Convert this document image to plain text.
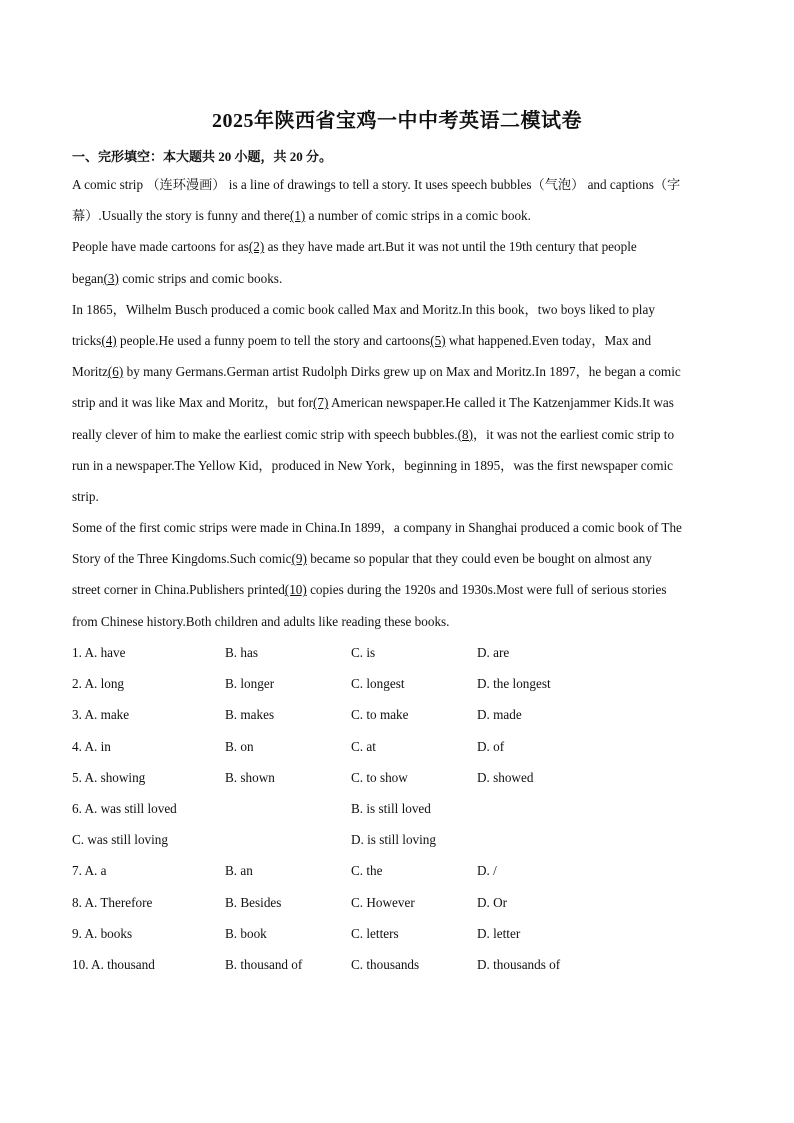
2025年陕西省宝鸡一中中考英语二模试卷
一、完形填空：本大题共 20 小题，共 20 分。
A comic strip （连环漫画） is a line of drawings to tell a story. It uses speech bubbles（气泡） and captions（字
幕）.Usually the story is funny and there(1) a number of comic strips in a comic book.
People have made cartoons for as(2) as they have made art.But it was not until the 19th century that people
began(3) comic strips and comic books.
In 1865，Wilhelm Busch produced a comic book called Max and Moritz.In this book，two boys liked to play
tricks(4) people.He used a funny poem to tell the story and cartoons(5) what happened.Even today，Max and
Moritz(6) by many Germans.German artist Rudolph Dirks grew up on Max and Moritz.In 1897，he began a comic
strip and it was like Max and Moritz，but for(7) American newspaper.He called it The Katzenjammer Kids.It was
really clever of him to make the earliest comic strip with speech bubbles.(8)，it was not the earliest comic strip to
run in a newspaper.The Yellow Kid，produced in New York，beginning in 1895，was the first newspaper comic
strip.
Some of the first comic strips were made in China.In 1899，a company in Shanghai produced a comic book of The
Story of the Three Kingdoms.Such comic(9) became so popular that they could even be bought on almost any
street corner in China.Publishers printed(10) copies during the 1920s and 1930s.Most were full of serious stories
from Chinese history.Both children and adults like reading these books.
1. A. have	B. has	C. is	D. are
2. A. long	B. longer	C. longest	D. the longest
3. A. make	B. makes	C. to make	D. made
4. A. in	B. on	C. at	D. of
5. A. showing	B. shown	C. to show	D. showed
6. A. was still loved	B. is still loved
C. was still loving	D. is still loving
7. A. a	B. an	C. the	D. /
8. A. Therefore	B. Besides	C. However	D. Or
9. A. books	B. book	C. letters	D. letter
10. A. thousand	B. thousand of	C. thousands	D. thousands of
